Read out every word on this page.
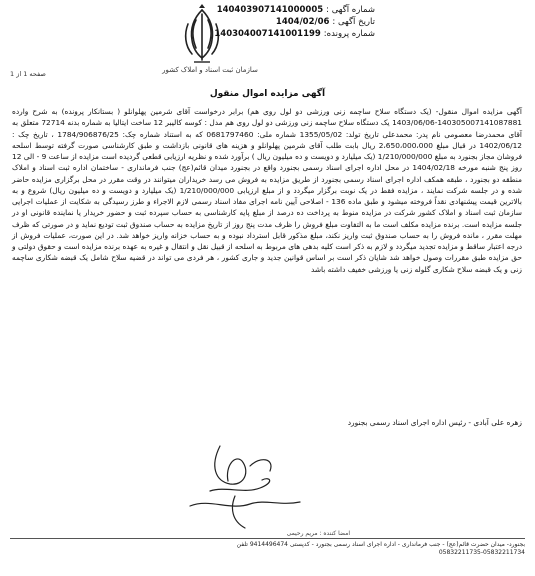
سازمان ثبت اسناد و املاک کشور
شماره آگهی : 140403907141000005
تاریخ آگهی : 1404/02/06
شماره پرونده: 140304007141001199
صفحه 1 از 1
آگهی مزایده اموال منقول
آگهی مزایده اموال منقول- (یک دستگاه سلاح ساچمه زنی ورزشی دو لول روی هم) برابر درخواست آقای شرمین پهلوانلو ( بستانکار پرونده) به شرح وارده 140305007141087881-1403/06/06 یک دستگاه سلاح ساچمه زنی ورزشی دو لول روی هم مدل : کوسه کالیبر 12 ساخت ایتالیا به شماره بدنه 72714 متعلق به آقای محمدرضا معصومی نام پدر: محمدعلی تاریخ تولد: 1355/05/02 شماره ملی: 0681797460 که به استناد شماره چک: 1784/906876/25 ، تاریخ چک : 1402/06/12 در قبال مبلغ 2،650،000،000 ریال بابت طلب آقای شرمین پهلوانلو و هزینه های قانونی بازداشت و طبق کارشناسی صورت گرفته توسط اسلحه فروشان مجاز بجنورد به مبلغ 1/210/000/000 (یک میلیارد و دویست و ده میلیون ریال ) برآورد شده و نظریه ارزیابی قطعی گردیده است مزایده از ساعت 9 - الی 12 روز پنج شنبه مورخه 1404/02/18 در محل اداره اجرای اسناد رسمی بجنورد واقع در بجنورد میدان قائم(عج) جنب فرمانداری - ساختمان اداره ثبت اسناد و املاک منطقه دو بجنورد ، طبقه همکف اداره اجرای اسناد رسمی بجنورد از طریق مزایده به فروش می رسد خریداران میتوانند در وقت مقرر در محل برگزاری مزایده حاضر شده و در جلسه شرکت نمایند ، مزایده فقط در یک نوبت برگزار میگردد و از مبلغ ارزیابی 1/210/000/000 (یک میلیارد و دویست و ده میلیون ریال) شروع و به بالاترین قیمت پیشنهادی نقداً فروخته میشود و طبق ماده 136 - اصلاحی آیین نامه اجرای مفاد اسناد رسمی لازم الاجراء و طرز رسیدگی به شکایت از عملیات اجرایی سازمان ثبت اسناد و املاک کشور شرکت در مزایده منوط به پرداخت ده درصد از مبلغ پایه کارشناسی به حساب سپرده ثبت و حضور خریدار یا نماینده قانونی او در جلسه مزایده است. برنده مزایده مکلف است ما به التفاوت مبلغ فروش را ظرف مدت پنج روز از تاریخ مزایده به حساب صندوق ثبت تودیع نماید و در صورتی که ظرف مهلت مقرر ، مانده فروش را به حساب صندوق ثبت واریز نکند، مبلغ مذکور قابل استرداد نبوده و به حساب خزانه واریز خواهد شد. در این صورت، عملیات فروش از درجه اعتبار ساقط و مزایده تجدید میگردد و لازم به ذکر است کلیه بدهی های مربوط به اسلحه از قبیل نقل و انتقال و غیره به عهده برنده مزایده است و حقوق دولتی و حق مزایده طبق مقررات وصول خواهد شد شایان ذکر است بر اساس قوانین جدید و جاری کشور ، هر فردی می تواند در قضیه سلاح شامل یک قبضه شکاری ساچمه زنی و یک قبضه سلاح شکاری گلوله زنی یا ورزشی خفیف داشته باشد
زهره علی آبادی - رئیس اداره اجرای اسناد رسمی بجنورد
امضا کننده : مریم رحیمی
بجنورد- میدان حضرت قائم(عج) - جنب فرمانداری - اداره اجرای اسناد رسمی بجنورد - کدپستی 9414496474 تلفن
05832211735-05832211734
